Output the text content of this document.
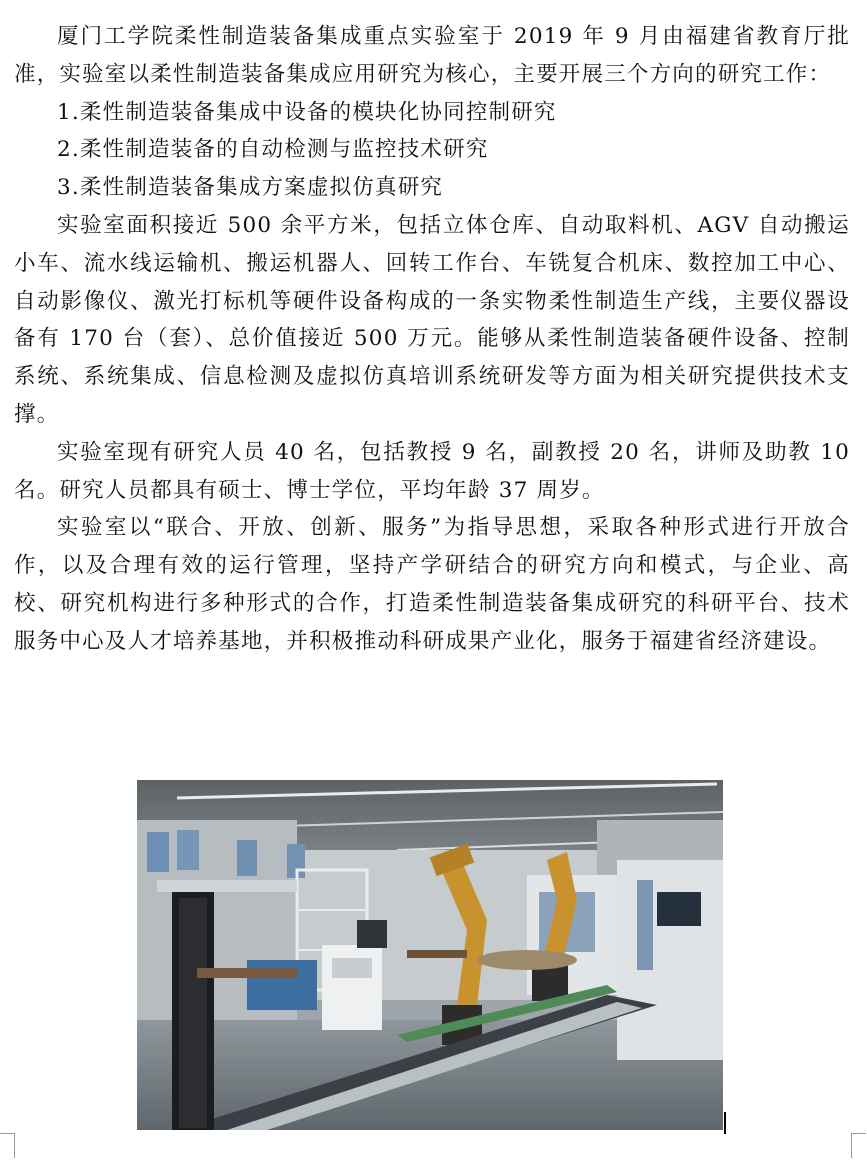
厦门工学院柔性制造装备集成重点实验室于 2019 年 9 月由福建省教育厅批准，实验室以柔性制造装备集成应用研究为核心，主要开展三个方向的研究工作：

1.柔性制造装备集成中设备的模块化协同控制研究

2.柔性制造装备的自动检测与监控技术研究

3.柔性制造装备集成方案虚拟仿真研究

实验室面积接近 500 余平方米，包括立体仓库、自动取料机、AGV 自动搬运小车、流水线运输机、搬运机器人、回转工作台、车铣复合机床、数控加工中心、自动影像仪、激光打标机等硬件设备构成的一条实物柔性制造生产线，主要仪器设备有 170 台（套）、总价值接近 500 万元。能够从柔性制造装备硬件设备、控制系统、系统集成、信息检测及虚拟仿真培训系统研发等方面为相关研究提供技术支撑。

实验室现有研究人员 40 名，包括教授 9 名，副教授 20 名，讲师及助教 10 名。研究人员都具有硕士、博士学位，平均年龄 37 周岁。

实验室以“联合、开放、创新、服务”为指导思想，采取各种形式进行开放合作，以及合理有效的运行管理，坚持产学研结合的研究方向和模式，与企业、高校、研究机构进行多种形式的合作，打造柔性制造装备集成研究的科研平台、技术服务中心及人才培养基地，并积极推动科研成果产业化，服务于福建省经济建设。
